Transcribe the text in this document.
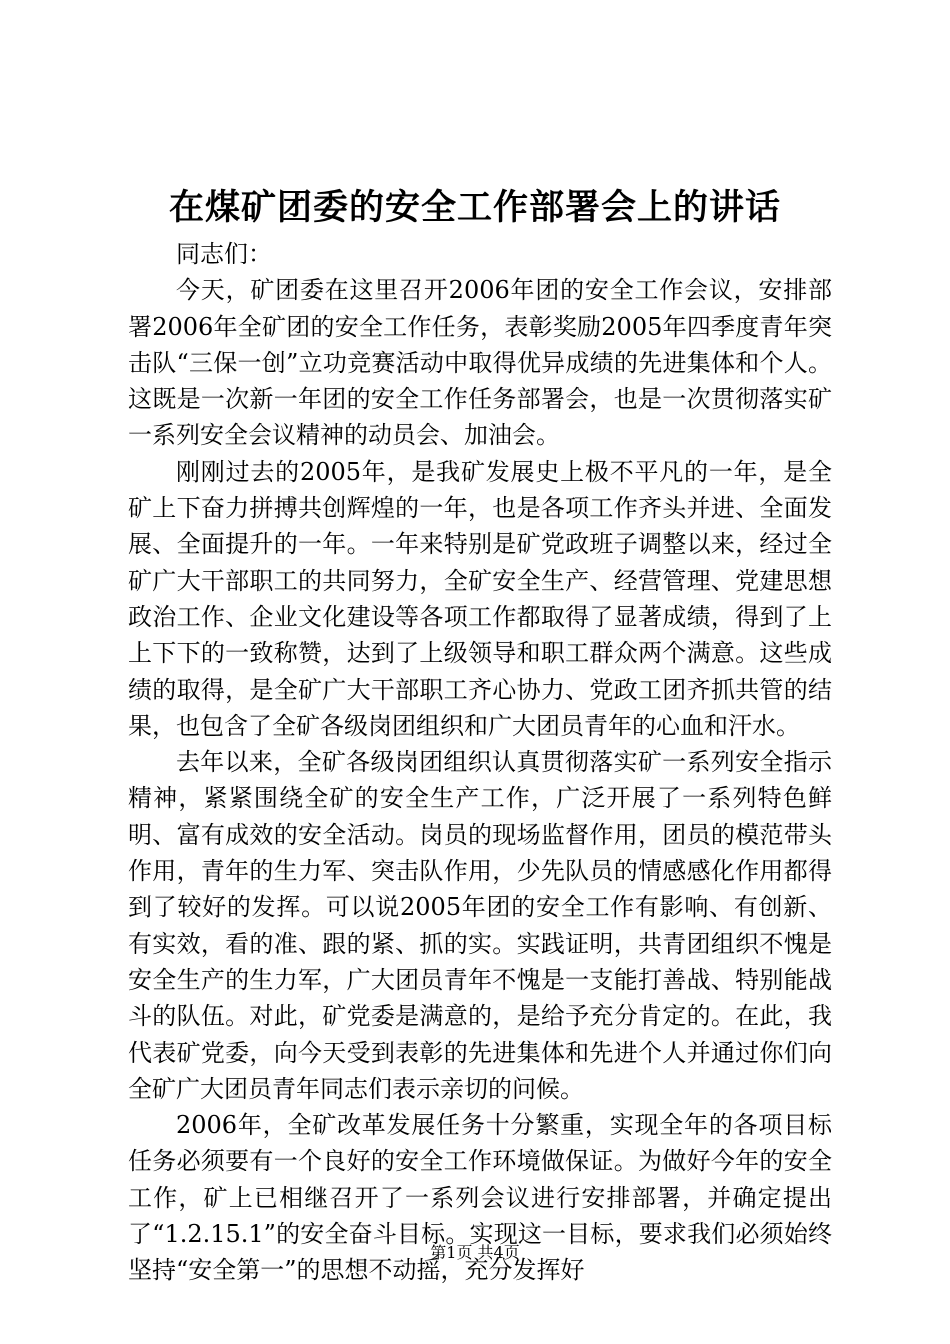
在煤矿团委的安全工作部署会上的讲话

同志们：

今天，矿团委在这里召开2006年团的安全工作会议，安排部署2006年全矿团的安全工作任务，表彰奖励2005年四季度青年突击队“三保一创”立功竞赛活动中取得优异成绩的先进集体和个人。这既是一次新一年团的安全工作任务部署会，也是一次贯彻落实矿一系列安全会议精神的动员会、加油会。

刚刚过去的2005年，是我矿发展史上极不平凡的一年，是全矿上下奋力拼搏共创辉煌的一年，也是各项工作齐头并进、全面发展、全面提升的一年。一年来特别是矿党政班子调整以来，经过全矿广大干部职工的共同努力，全矿安全生产、经营管理、党建思想政治工作、企业文化建设等各项工作都取得了显著成绩，得到了上上下下的一致称赞，达到了上级领导和职工群众两个满意。这些成绩的取得，是全矿广大干部职工齐心协力、党政工团齐抓共管的结果，也包含了全矿各级岗团组织和广大团员青年的心血和汗水。

去年以来，全矿各级岗团组织认真贯彻落实矿一系列安全指示精神，紧紧围绕全矿的安全生产工作，广泛开展了一系列特色鲜明、富有成效的安全活动。岗员的现场监督作用，团员的模范带头作用，青年的生力军、突击队作用，少先队员的情感感化作用都得到了较好的发挥。可以说2005年团的安全工作有影响、有创新、有实效，看的准、跟的紧、抓的实。实践证明，共青团组织不愧是安全生产的生力军，广大团员青年不愧是一支能打善战、特别能战斗的队伍。对此，矿党委是满意的，是给予充分肯定的。在此，我代表矿党委，向今天受到表彰的先进集体和先进个人并通过你们向全矿广大团员青年同志们表示亲切的问候。

2006年，全矿改革发展任务十分繁重，实现全年的各项目标任务必须要有一个良好的安全工作环境做保证。为做好今年的安全工作，矿上已相继召开了一系列会议进行安排部署，并确定提出了“1.2.15.1”的安全奋斗目标。实现这一目标，要求我们必须始终坚持“安全第一”的思想不动摇，充分发挥好

第1页 共4页
